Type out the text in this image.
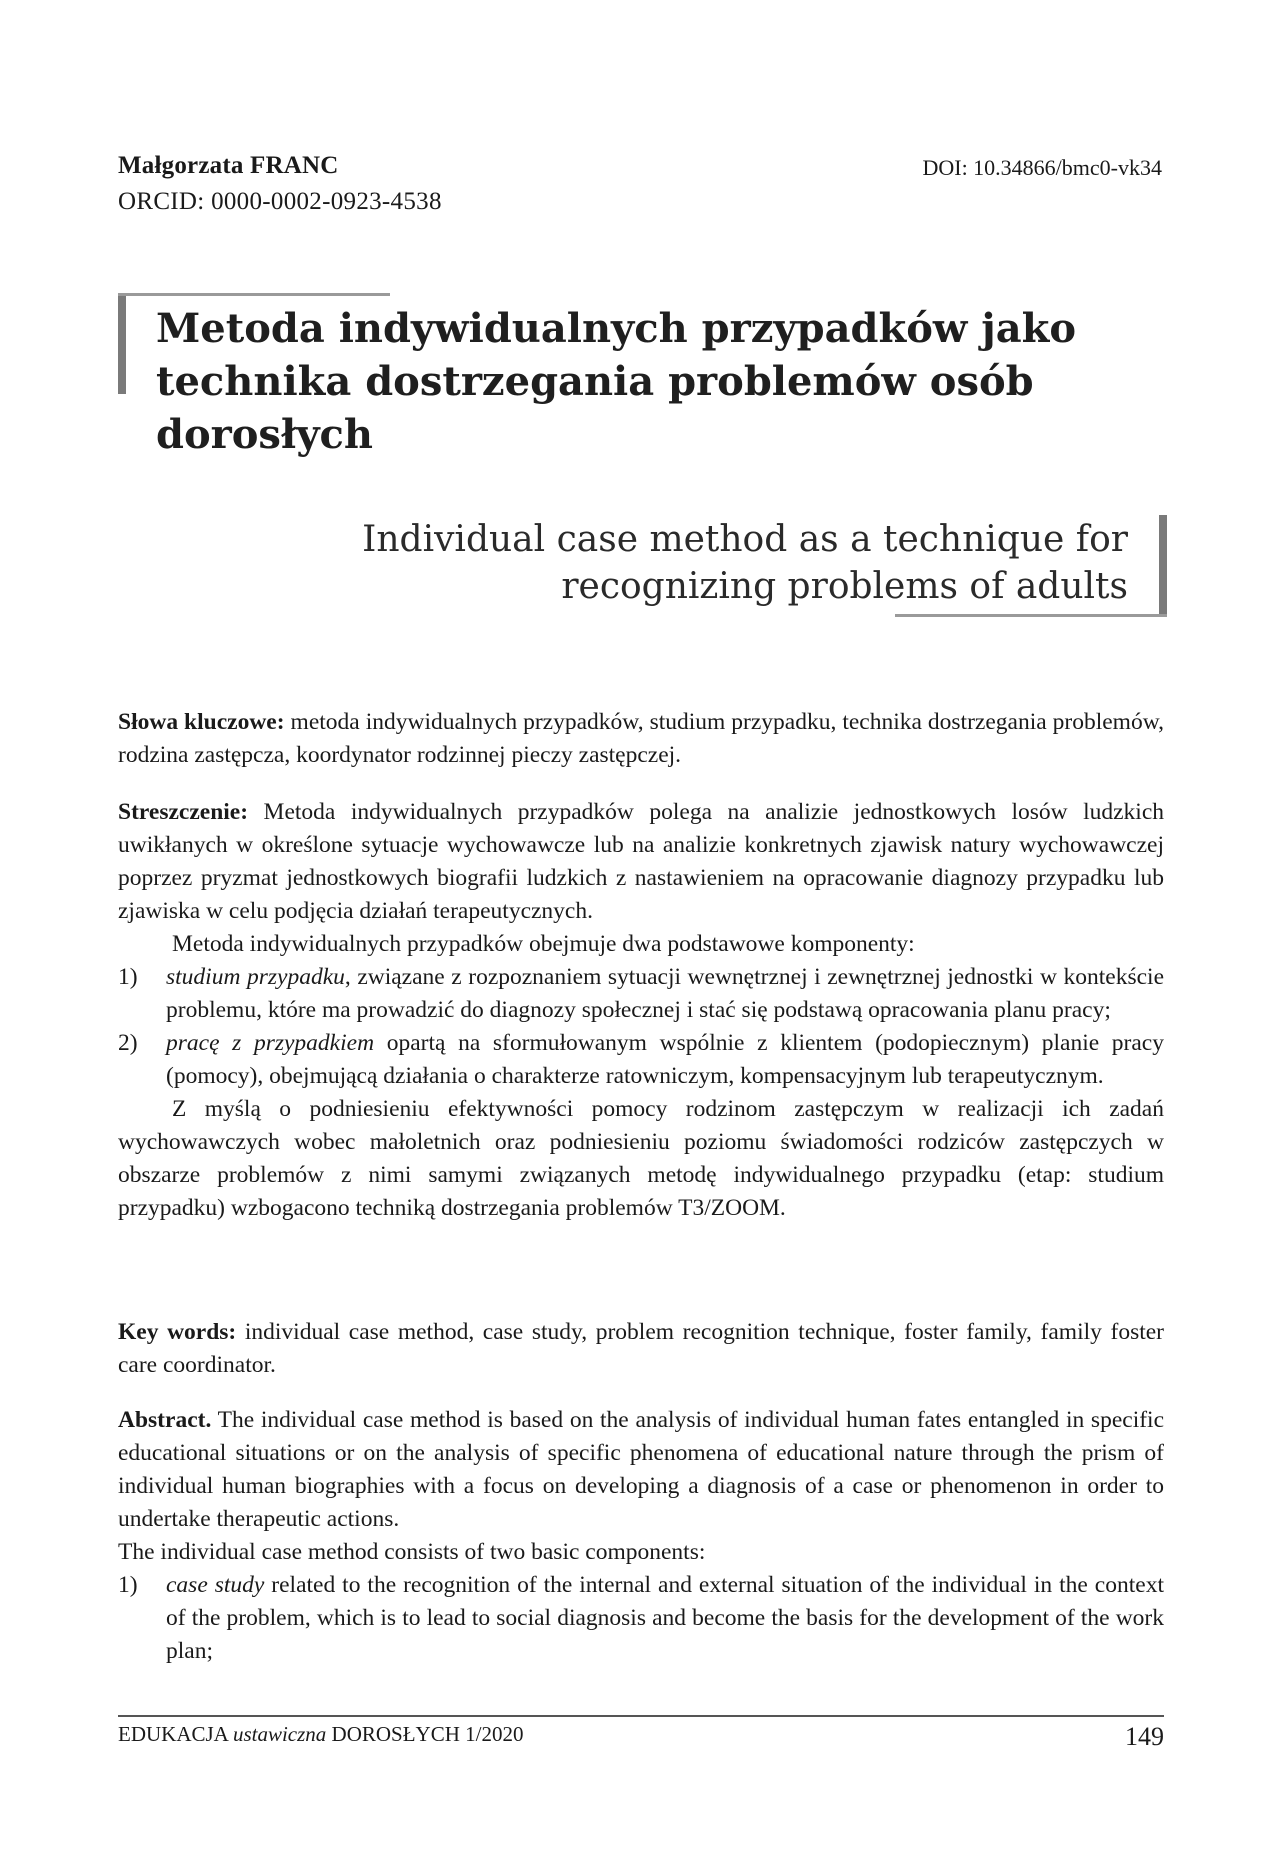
Małgorzata FRANC
ORCID: 0000-0002-0923-4538
DOI: 10.34866/bmc0-vk34
Metoda indywidualnych przypadków jako
technika dostrzegania problemów osób
dorosłych
Individual case method as a technique for
recognizing problems of adults

Słowa kluczowe: metoda indywidualnych przypadków, studium przypadku, technika dostrzegania problemów, rodzina zastępcza, koordynator rodzinnej pieczy zastępczej.

Streszczenie: Metoda indywidualnych przypadków polega na analizie jednostkowych losów ludzkich uwikłanych w określone sytuacje wychowawcze lub na analizie konkretnych zjawisk natury wychowawczej poprzez pryzmat jednostkowych biografii ludzkich z nastawieniem na opracowanie diagnozy przypadku lub zjawiska w celu podjęcia działań terapeutycznych.

Metoda indywidualnych przypadków obejmuje dwa podstawowe komponenty:

1) studium przypadku, związane z rozpoznaniem sytuacji wewnętrznej i zewnętrznej jednostki w kontekście problemu, które ma prowadzić do diagnozy społecznej i stać się podstawą opracowania planu pracy;

2) pracę z przypadkiem opartą na sformułowanym wspólnie z klientem (podopiecznym) planie pracy (pomocy), obejmującą działania o charakterze ratowniczym, kompensacyjnym lub terapeutycznym.

Z myślą o podniesieniu efektywności pomocy rodzinom zastępczym w realizacji ich zadań wychowawczych wobec małoletnich oraz podniesieniu poziomu świadomości rodziców zastępczych w obszarze problemów z nimi samymi związanych metodę indywidualnego przypadku (etap: studium przypadku) wzbogacono techniką dostrzegania problemów T3/ZOOM.

Key words: individual case method, case study, problem recognition technique, foster family, family foster care coordinator.

Abstract. The individual case method is based on the analysis of individual human fates entangled in specific educational situations or on the analysis of specific phenomena of educational nature through the prism of individual human biographies with a focus on developing a diagnosis of a case or phenomenon in order to undertake therapeutic actions.

The individual case method consists of two basic components:

1) case study related to the recognition of the internal and external situation of the individual in the context of the problem, which is to lead to social diagnosis and become the basis for the development of the work plan;

EDUKACJA ustawiczna DOROSŁYCH 1/2020	149
